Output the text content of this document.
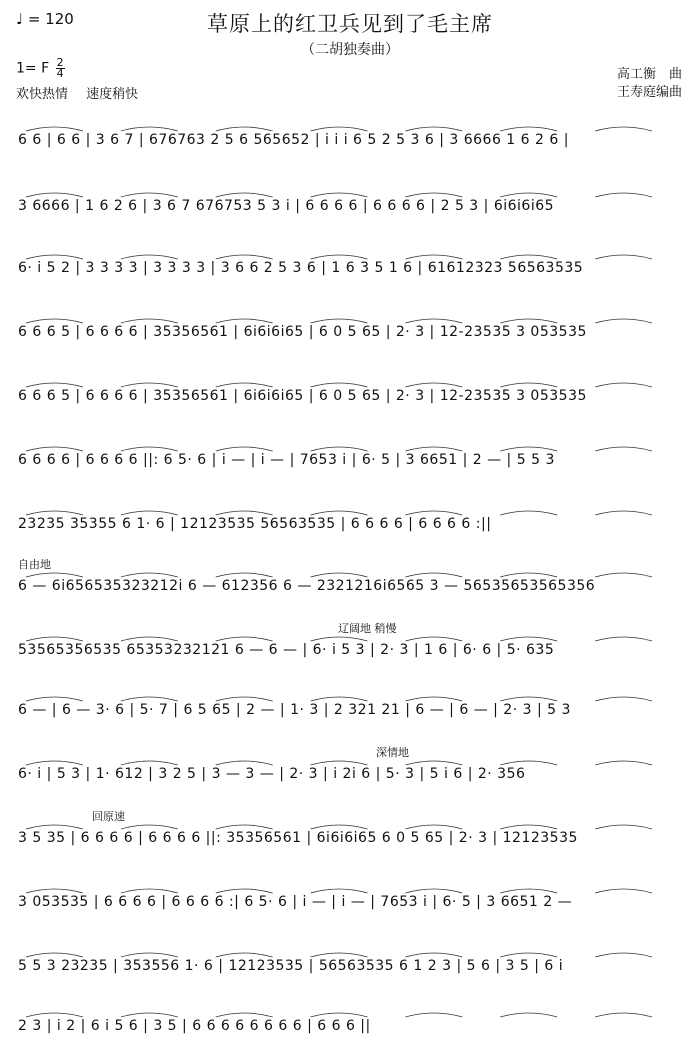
♩ = 120	草原上的红卫兵见到了毛主席
（二胡独奏曲）
1= F $\frac{2}{4}$
欢快热情 速度稍快
高工衡　曲
王寿庭编曲
6 6 | 6 6 | 3 6 7 | 676763 2 5 6 565652 | i i i 6 5 2 5 3 6 | 3 6666 1 6 2 6 |
3 6666 | 1 6 2 6 | 3 6 7 676753 5 3 i | 6 6 6 6 | 6 6 6 6 | 2 5 3 | 6i6i6i65
6· i 5 2 | 3 3 3 3 | 3 3 3 3 | 3 6 6 2 5 3 6 | 1 6 3 5 1 6 | 61612323 56563535
6 6 6 5 | 6 6 6 6 | 35356561 | 6i6i6i65 | 6 0 5 65 | 2· 3 | 12-23535 3 053535
6 6 6 5 | 6 6 6 6 | 35356561 | 6i6i6i65 | 6 0 5 65 | 2· 3 | 12-23535 3 053535
6 6 6 6 | 6 6 6 6 ||: 6 5· 6 | i — | i — | 7653 i | 6· 5 | 3 6651 | 2 — | 5 5 3
23235 35355 6 1· 6 | 12123535 56563535 | 6 6 6 6 | 6 6 6 6 :||
自由地
6 — 6i656535323212i 6 — 612356 6 — 2321216i6565 3 — 56535653565356
辽阔地 稍慢
53565356535 65353232121 6 — 6 — | 6· i 5 3 | 2· 3 | 1 6 | 6· 6 | 5· 635
6 — | 6 — 3· 6 | 5· 7 | 6 5 65 | 2 — | 1· 3 | 2 321 21 | 6 — | 6 — | 2· 3 | 5 3
深情地
6· i | 5 3 | 1· 612 | 3 2 5 | 3 — 3 — | 2· 3 | i 2i 6 | 5· 3 | 5 i 6 | 2· 356
回原速
3 5 35 | 6 6 6 6 | 6 6 6 6 ||: 35356561 | 6i6i6i65 6 0 5 65 | 2· 3 | 12123535
3 053535 | 6 6 6 6 | 6 6 6 6 :| 6 5· 6 | i — | i — | 7653 i | 6· 5 | 3 6651 2 —
5 5 3 23235 | 353556 1· 6 | 12123535 | 56563535 6 1 2 3 | 5 6 | 3 5 | 6 i
2 3 | i 2 | 6 i 5 6 | 3 5 | 6 6 6 6 6 6 6 6 | 6 6 6 ||
